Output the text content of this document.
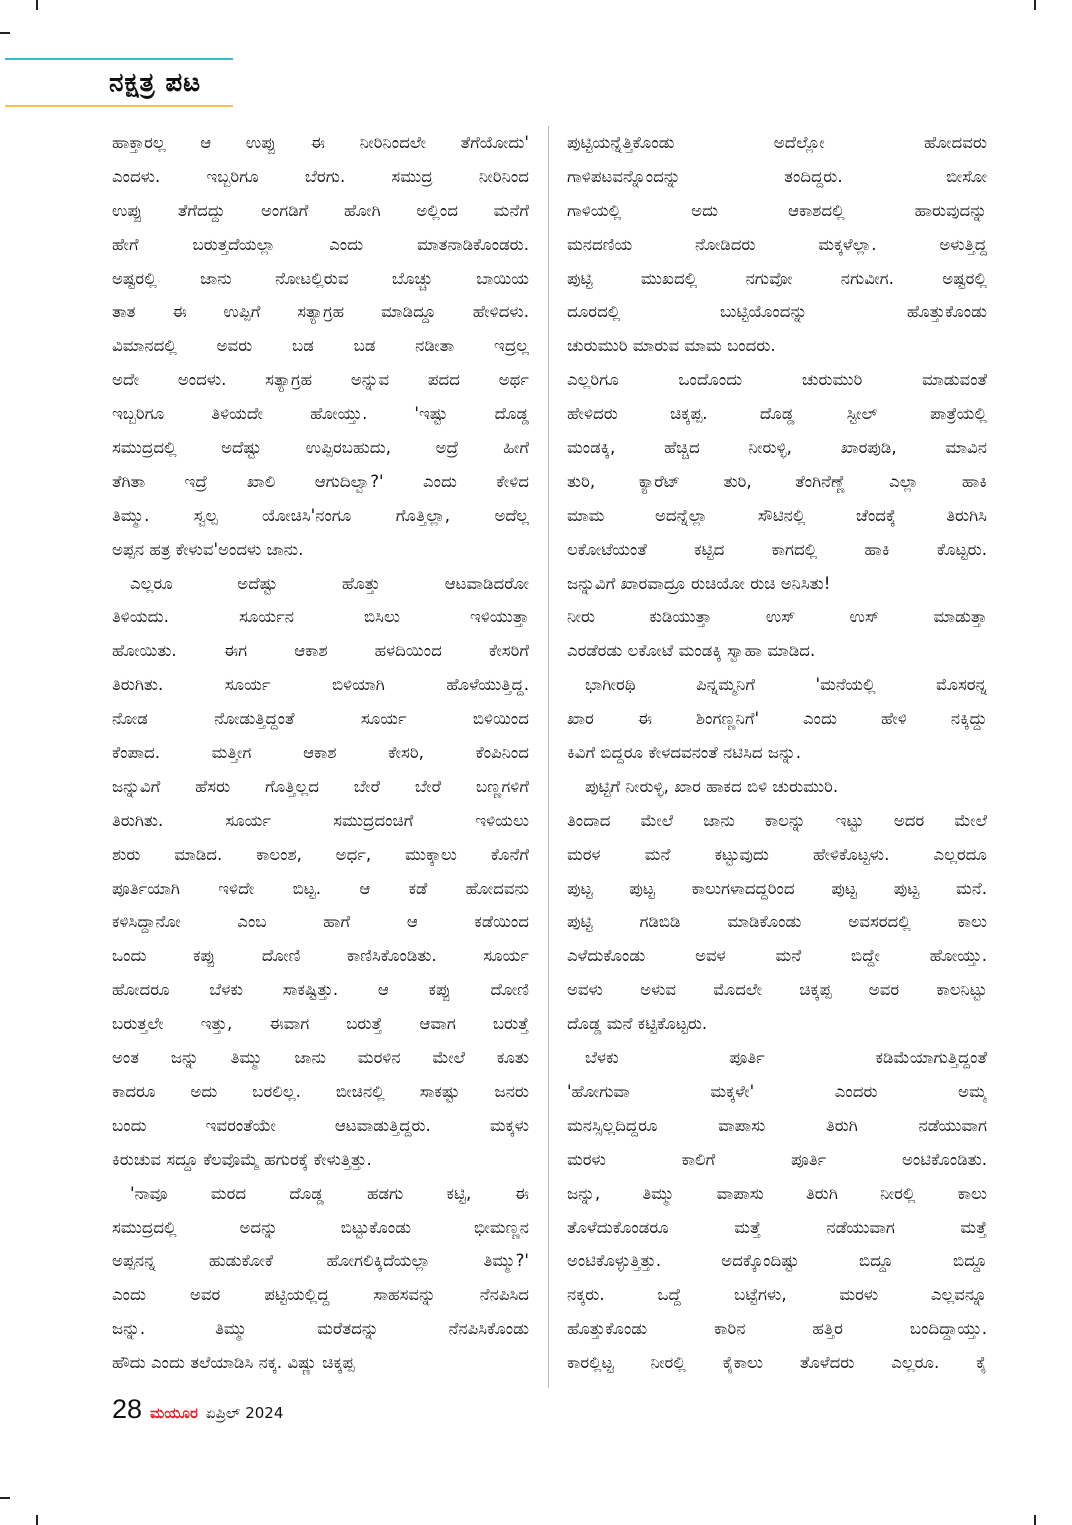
ನಕ್ಷತ್ರ ಪಟ
ಹಾಕ್ತಾರಲ್ಲ ಆ ಉಪ್ಪು ಈ ನೀರಿನಿಂದಲೇ ತೆಗೆಯೋದು'
ಎಂದಳು. ಇಬ್ಬರಿಗೂ ಬೆರಗು. ಸಮುದ್ರ ನೀರಿನಿಂದ
ಉಪ್ಪು ತೆಗೆದದ್ದು ಅಂಗಡಿಗೆ ಹೋಗಿ ಅಲ್ಲಿಂದ ಮನೆಗೆ
ಹೇಗೆ ಬರುತ್ತದೆಯಲ್ಲಾ ಎಂದು ಮಾತನಾಡಿಕೊಂಡರು.
ಅಷ್ಟರಲ್ಲಿ ಜಾನು ನೋಟಲ್ಲಿರುವ ಬೊಚ್ಚು ಬಾಯಿಯ
ತಾತ ಈ ಉಪ್ಪಿಗೆ ಸತ್ಯಾಗ್ರಹ ಮಾಡಿದ್ದೂ ಹೇಳಿದಳು.
ವಿಮಾನದಲ್ಲಿ ಅವರು ಬಡ ಬಡ ನಡೀತಾ ಇದ್ರಲ್ಲ
ಅದೇ ಅಂದಳು. ಸತ್ಯಾಗ್ರಹ ಅನ್ನುವ ಪದದ ಅರ್ಥ
ಇಬ್ಬರಿಗೂ ತಿಳಿಯದೇ ಹೋಯ್ತು. 'ಇಷ್ಟು ದೊಡ್ಡ
ಸಮುದ್ರದಲ್ಲಿ ಅದೆಷ್ಟು ಉಪ್ಪಿರಬಹುದು, ಅದ್ರೆ ಹೀಗೆ
ತೆಗಿತಾ ಇದ್ರೆ ಖಾಲಿ ಆಗುದಿಲ್ವಾ?' ಎಂದು ಕೇಳಿದ
ತಿಮ್ಮು. ಸ್ವಲ್ಪ ಯೋಚಿಸಿ'ನಂಗೂ ಗೊತ್ತಿಲ್ಲಾ, ಅದೆಲ್ಲ
ಅಪ್ಪನ ಹತ್ರ ಕೇಳುವ'ಅಂದಳು ಜಾನು.
ಎಲ್ಲರೂ ಅದೆಷ್ಟು ಹೊತ್ತು ಆಟವಾಡಿದರೋ
ತಿಳಿಯದು. ಸೂರ್ಯನ ಬಿಸಿಲು ಇಳಿಯುತ್ತಾ
ಹೋಯಿತು. ಈಗ ಆಕಾಶ ಹಳದಿಯಿಂದ ಕೇಸರಿಗೆ
ತಿರುಗಿತು. ಸೂರ್ಯ ಬಿಳಿಯಾಗಿ ಹೊಳೆಯುತ್ತಿದ್ದ.
ನೋಡ ನೋಡುತ್ತಿದ್ದಂತೆ ಸೂರ್ಯ ಬಿಳಿಯಿಂದ
ಕೆಂಪಾದ. ಮತ್ತೀಗ ಆಕಾಶ ಕೇಸರಿ, ಕೆಂಪಿನಿಂದ
ಜನ್ನುವಿಗೆ ಹೆಸರು ಗೊತ್ತಿಲ್ಲದ ಬೇರೆ ಬೇರೆ ಬಣ್ಣಗಳಿಗೆ
ತಿರುಗಿತು. ಸೂರ್ಯ ಸಮುದ್ರದಂಚಿಗೆ ಇಳಿಯಲು
ಶುರು ಮಾಡಿದ. ಕಾಲಂಶ, ಅರ್ಧ, ಮುಕ್ಕಾಲು ಕೊನೆಗೆ
ಪೂರ್ತಿಯಾಗಿ ಇಳಿದೇ ಬಿಟ್ಟ. ಆ ಕಡೆ ಹೋದವನು
ಕಳಿಸಿದ್ದಾನೋ ಎಂಬ ಹಾಗೆ ಆ ಕಡೆಯಿಂದ
ಒಂದು ಕಪ್ಪು ದೋಣಿ ಕಾಣಿಸಿಕೊಂಡಿತು. ಸೂರ್ಯ
ಹೋದರೂ ಬೆಳಕು ಸಾಕಷ್ಟಿತ್ತು. ಆ ಕಪ್ಪು ದೋಣಿ
ಬರುತ್ತಲೇ ಇತ್ತು, ಈವಾಗ ಬರುತ್ತೆ ಆವಾಗ ಬರುತ್ತೆ
ಅಂತ ಜನ್ನು ತಿಮ್ಮು ಜಾನು ಮರಳಿನ ಮೇಲೆ ಕೂತು
ಕಾದರೂ ಅದು ಬರಲಿಲ್ಲ. ಬೀಚಿನಲ್ಲಿ ಸಾಕಷ್ಟು ಜನರು
ಬಂದು ಇವರಂತೆಯೇ ಆಟವಾಡುತ್ತಿದ್ದರು. ಮಕ್ಕಳು
ಕಿರುಚುವ ಸದ್ದೂ ಕೆಲವೊಮ್ಮೆ ಹಗುರಕ್ಕೆ ಕೇಳುತ್ತಿತ್ತು.
'ನಾವೂ ಮರದ ದೊಡ್ಡ ಹಡಗು ಕಟ್ಟಿ, ಈ
ಸಮುದ್ರದಲ್ಲಿ ಅದನ್ನು ಬಿಟ್ಟುಕೊಂಡು ಭೀಮಣ್ಣನ
ಅಪ್ಪನನ್ನ ಹುಡುಕೋಕೆ ಹೋಗಲಿಕ್ಕಿದೆಯಲ್ಲಾ ತಿಮ್ಮು?'
ಎಂದು ಅವರ ಪಟ್ಟಿಯಲ್ಲಿದ್ದ ಸಾಹಸವನ್ನು ನೆನಪಿಸಿದ
ಜನ್ನು. ತಿಮ್ಮು ಮರೆತದನ್ನು ನೆನಪಿಸಿಕೊಂಡು
ಹೌದು ಎಂದು ತಲೆಯಾಡಿಸಿ ನಕ್ಕ. ವಿಷ್ಣು ಚಿಕ್ಕಪ್ಪ
ಪುಟ್ಟಿಯನ್ನೆತ್ತಿಕೊಂಡು ಅದೆಲ್ಲೋ ಹೋದವರು
ಗಾಳಿಪಟವನ್ನೊಂದನ್ನು ತಂದಿದ್ದರು. ಬೀಸೋ
ಗಾಳಿಯಲ್ಲಿ ಅದು ಆಕಾಶದಲ್ಲಿ ಹಾರುವುದನ್ನು
ಮನದಣಿಯ ನೋಡಿದರು ಮಕ್ಕಳೆಲ್ಲಾ. ಅಳುತ್ತಿದ್ದ
ಪುಟ್ಟಿ ಮುಖದಲ್ಲಿ ನಗುವೋ ನಗುವೀಗ. ಅಷ್ಟರಲ್ಲಿ
ದೂರದಲ್ಲಿ ಬುಟ್ಟಿಯೊಂದನ್ನು ಹೊತ್ತುಕೊಂಡು
ಚುರುಮುರಿ ಮಾರುವ ಮಾಮ ಬಂದರು.
ಎಲ್ಲರಿಗೂ ಒಂದೊಂದು ಚುರುಮುರಿ ಮಾಡುವಂತೆ
ಹೇಳಿದರು ಚಿಕ್ಕಪ್ಪ. ದೊಡ್ಡ ಸ್ಟೀಲ್ ಪಾತ್ರೆಯಲ್ಲಿ
ಮಂಡಕ್ಕಿ, ಹೆಚ್ಚಿದ ನೀರುಳ್ಳಿ, ಖಾರಪುಡಿ, ಮಾವಿನ
ತುರಿ, ಕ್ಯಾರೆಟ್ ತುರಿ, ತೆಂಗಿನೆಣ್ಣೆ ಎಲ್ಲಾ ಹಾಕಿ
ಮಾಮ ಅದನ್ನೆಲ್ಲಾ ಸೌಟಿನಲ್ಲಿ ಚೆಂದಕ್ಕೆ ತಿರುಗಿಸಿ
ಲಕೋಟೆಯಂತೆ ಕಟ್ಟಿದ ಕಾಗದಲ್ಲಿ ಹಾಕಿ ಕೊಟ್ಟರು.
ಜನ್ನುವಿಗೆ ಖಾರವಾದ್ರೂ ರುಚಿಯೋ ರುಚಿ ಅನಿಸಿತು!
ನೀರು ಕುಡಿಯುತ್ತಾ ಉಸ್ ಉಸ್ ಮಾಡುತ್ತಾ
ಎರಡೆರಡು ಲಕೋಟೆ ಮಂಡಕ್ಕಿ ಸ್ವಾಹಾ ಮಾಡಿದ.
ಭಾಗೀರಥಿ ಪಿನ್ನಮ್ಮನಿಗೆ 'ಮನೆಯಲ್ಲಿ ಮೊಸರನ್ನ
ಖಾರ ಈ ಶಿಂಗಣ್ಣನಿಗೆ' ಎಂದು ಹೇಳಿ ನಕ್ಕಿದ್ದು
ಕಿವಿಗೆ ಬಿದ್ದರೂ ಕೇಳದವನಂತೆ ನಟಿಸಿದ ಜನ್ನು.
ಪುಟ್ಟಿಗೆ ನೀರುಳ್ಳಿ, ಖಾರ ಹಾಕದ ಬಿಳಿ ಚುರುಮುರಿ.
ತಿಂದಾದ ಮೇಲೆ ಜಾನು ಕಾಲನ್ನು ಇಟ್ಟು ಅದರ ಮೇಲೆ
ಮರಳ ಮನೆ ಕಟ್ಟುವುದು ಹೇಳಿಕೊಟ್ಟಳು. ಎಲ್ಲರದೂ
ಪುಟ್ಟ ಪುಟ್ಟ ಕಾಲುಗಳಾದದ್ದರಿಂದ ಪುಟ್ಟ ಪುಟ್ಟ ಮನೆ.
ಪುಟ್ಟಿ ಗಡಿಬಿಡಿ ಮಾಡಿಕೊಂಡು ಅವಸರದಲ್ಲಿ ಕಾಲು
ಎಳೆದುಕೊಂಡು ಅವಳ ಮನೆ ಬಿದ್ದೇ ಹೋಯ್ತು.
ಅವಳು ಅಳುವ ಮೊದಲೇ ಚಿಕ್ಕಪ್ಪ ಅವರ ಕಾಲನಿಟ್ಟು
ದೊಡ್ಡ ಮನೆ ಕಟ್ಟಿಕೊಟ್ಟರು.
ಬೆಳಕು ಪೂರ್ತಿ ಕಡಿಮೆಯಾಗುತ್ತಿದ್ದಂತೆ
'ಹೋಗುವಾ ಮಕ್ಕಳೇ' ಎಂದರು ಅಮ್ಮ
ಮನಸ್ಸಿಲ್ಲದಿದ್ದರೂ ವಾಪಾಸು ತಿರುಗಿ ನಡೆಯುವಾಗ
ಮರಳು ಕಾಲಿಗೆ ಪೂರ್ತಿ ಅಂಟಿಕೊಂಡಿತು.
ಜನ್ನು, ತಿಮ್ಮು ವಾಪಾಸು ತಿರುಗಿ ನೀರಲ್ಲಿ ಕಾಲು
ತೊಳೆದುಕೊಂಡರೂ ಮತ್ತೆ ನಡೆಯುವಾಗ ಮತ್ತೆ
ಅಂಟಿಕೊಳ್ಳುತ್ತಿತ್ತು. ಅದಕ್ಕೊಂದಿಷ್ಟು ಬಿದ್ದೂ ಬಿದ್ದೂ
ನಕ್ಕರು. ಒದ್ದೆ ಬಟ್ಟೆಗಳು, ಮರಳು ಎಲ್ಲವನ್ನೂ
ಹೊತ್ತುಕೊಂಡು ಕಾರಿನ ಹತ್ತಿರ ಬಂದಿದ್ದಾಯ್ತು.
ಕಾರಲ್ಲಿಟ್ಟ ನೀರಲ್ಲಿ ಕೈಕಾಲು ತೊಳೆದರು ಎಲ್ಲರೂ. ಕೈ
28 ಮಯೂರ ಏಪ್ರಿಲ್ 2024
